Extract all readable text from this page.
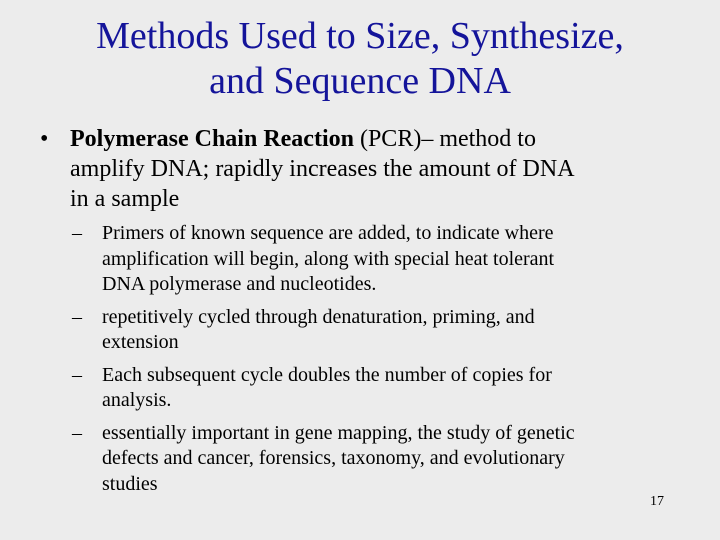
Methods Used to Size, Synthesize,
and Sequence DNA
• Polymerase Chain Reaction (PCR)– method to
amplify DNA; rapidly increases the amount of DNA
in a sample
– Primers of known sequence are added, to indicate where
amplification will begin, along with special heat tolerant
DNA polymerase and nucleotides.
– repetitively cycled through denaturation, priming, and
extension
– Each subsequent cycle doubles the number of copies for
analysis.
– essentially important in gene mapping, the study of genetic
defects and cancer, forensics, taxonomy, and evolutionary
studies
17
